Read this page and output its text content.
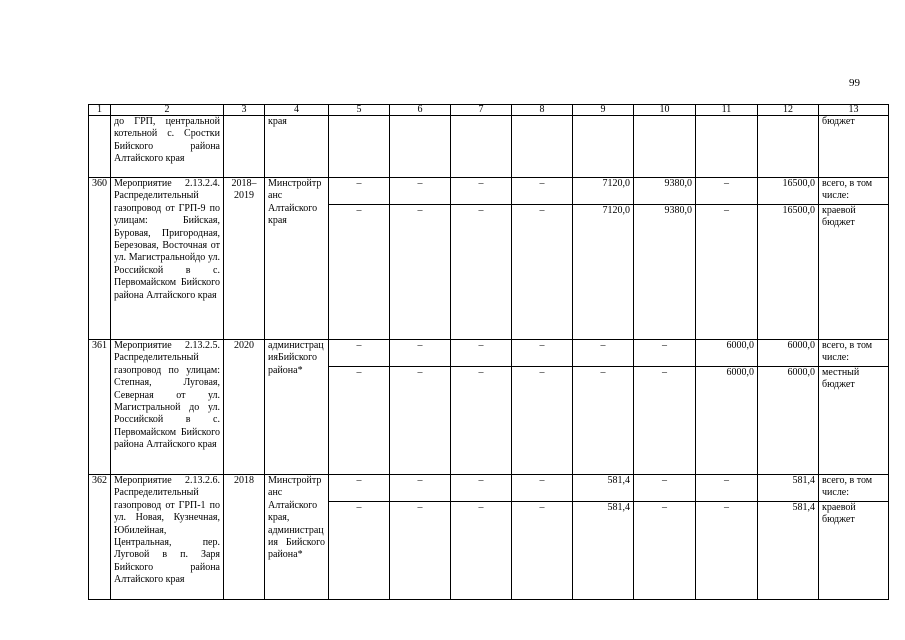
99
1	2	3	4	5	6	7	8	9	10	11	12	13
	до ГРП, центральной котельной с. Сростки Бийского района Алтайского края		края									бюджет
360	Мероприятие 2.13.2.4. Распределительный газопровод от ГРП-9 по улицам: Бийская, Буровая, Пригородная, Березовая, Восточная от ул. Магистральнойдо ул. Российской в с. Первомайском Бийского района Алтайского края	2018–2019	Минстройтранс Алтайского края	–	–	–	–	7120,0	9380,0	–	16500,0	всего, в том числе:
				–	–	–	–	7120,0	9380,0	–	16500,0	краевой бюджет
361	Мероприятие 2.13.2.5. Распределительный газопровод по улицам: Степная, Луговая, Северная от ул. Магистральной до ул. Российской в с. Первомайском Бийского района Алтайского края	2020	администрацияБийского района*	–	–	–	–	–	–	6000,0	6000,0	всего, в том числе:
				–	–	–	–	–	–	6000,0	6000,0	местный бюджет
362	Мероприятие 2.13.2.6. Распределительный газопровод от ГРП-1 по ул. Новая, Кузнечная, Юбилейная, Центральная, пер. Луговой в п. Заря Бийского района Алтайского края	2018	Минстройтранс Алтайского края, администрация Бийского района*	–	–	–	–	581,4	–	–	581,4	всего, в том числе:
				–	–	–	–	581,4	–	–	581,4	краевой бюджет
